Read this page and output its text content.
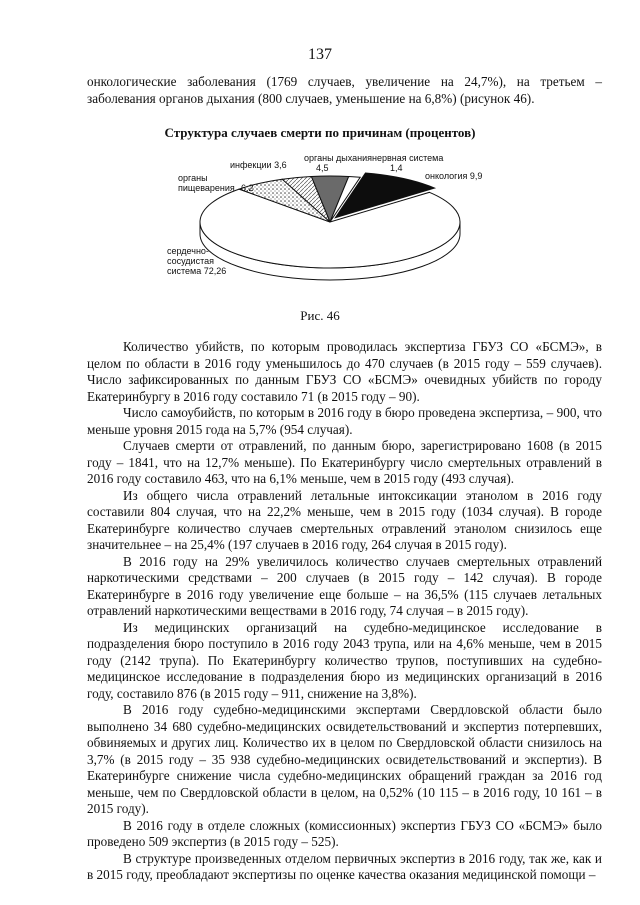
137

онкологические заболевания (1769 случаев, увеличение на 24,7%), на третьем – заболевания органов дыхания (800 случаев, уменьшение на 6,8%) (рисунок 46).

Структура случаев смерти по причинам (процентов)
органы дыхания
4,5
нервная система
1,4
инфекции 3,6
органы пищеварения 6,2
онкология 9,9
сердечно-сосудистая система 72,26
Рис. 46

Количество убийств, по которым проводилась экспертиза ГБУЗ СО «БСМЭ», в целом по области в 2016 году уменьшилось до 470 случаев (в 2015 году – 559 случаев). Число зафиксированных по данным ГБУЗ СО «БСМЭ» очевидных убийств по городу Екатеринбургу в 2016 году составило 71 (в 2015 году – 90).

Число самоубийств, по которым в 2016 году в бюро проведена экспертиза, – 900, что меньше уровня 2015 года на 5,7% (954 случая).

Случаев смерти от отравлений, по данным бюро, зарегистрировано 1608 (в 2015 году – 1841, что на 12,7% меньше). По Екатеринбургу число смертельных отравлений в 2016 году составило 463, что на 6,1% меньше, чем в 2015 году (493 случая).

Из общего числа отравлений летальные интоксикации этанолом в 2016 году составили 804 случая, что на 22,2% меньше, чем в 2015 году (1034 случая). В городе Екатеринбурге количество случаев смертельных отравлений этанолом снизилось еще значительнее – на 25,4% (197 случаев в 2016 году, 264 случая в 2015 году).

В 2016 году на 29% увеличилось количество случаев смертельных отравлений наркотическими средствами – 200 случаев (в 2015 году – 142 случая). В городе Екатеринбурге в 2016 году увеличение еще больше – на 36,5% (115 случаев летальных отравлений наркотическими веществами в 2016 году, 74 случая – в 2015 году).

Из медицинских организаций на судебно-медицинское исследование в подразделения бюро поступило в 2016 году 2043 трупа, или на 4,6% меньше, чем в 2015 году (2142 трупа). По Екатеринбургу количество трупов, поступивших на судебно-медицинское исследование в подразделения бюро из медицинских организаций в 2016 году, составило 876 (в 2015 году – 911, снижение на 3,8%).

В 2016 году судебно-медицинскими экспертами Свердловской области было выполнено 34 680 судебно-медицинских освидетельствований и экспертиз потерпевших, обвиняемых и других лиц. Количество их в целом по Свердловской области снизилось на 3,7% (в 2015 году – 35 938 судебно-медицинских освидетельствований и экспертиз). В Екатеринбурге снижение числа судебно-медицинских обращений граждан за 2016 год меньше, чем по Свердловской области в целом, на 0,52% (10 115 – в 2016 году, 10 161 – в 2015 году).

В 2016 году в отделе сложных (комиссионных) экспертиз ГБУЗ СО «БСМЭ» было проведено 509 экспертиз (в 2015 году – 525).

В структуре произведенных отделом первичных экспертиз в 2016 году, так же, как и в 2015 году, преобладают экспертизы по оценке качества оказания медицинской помощи –
